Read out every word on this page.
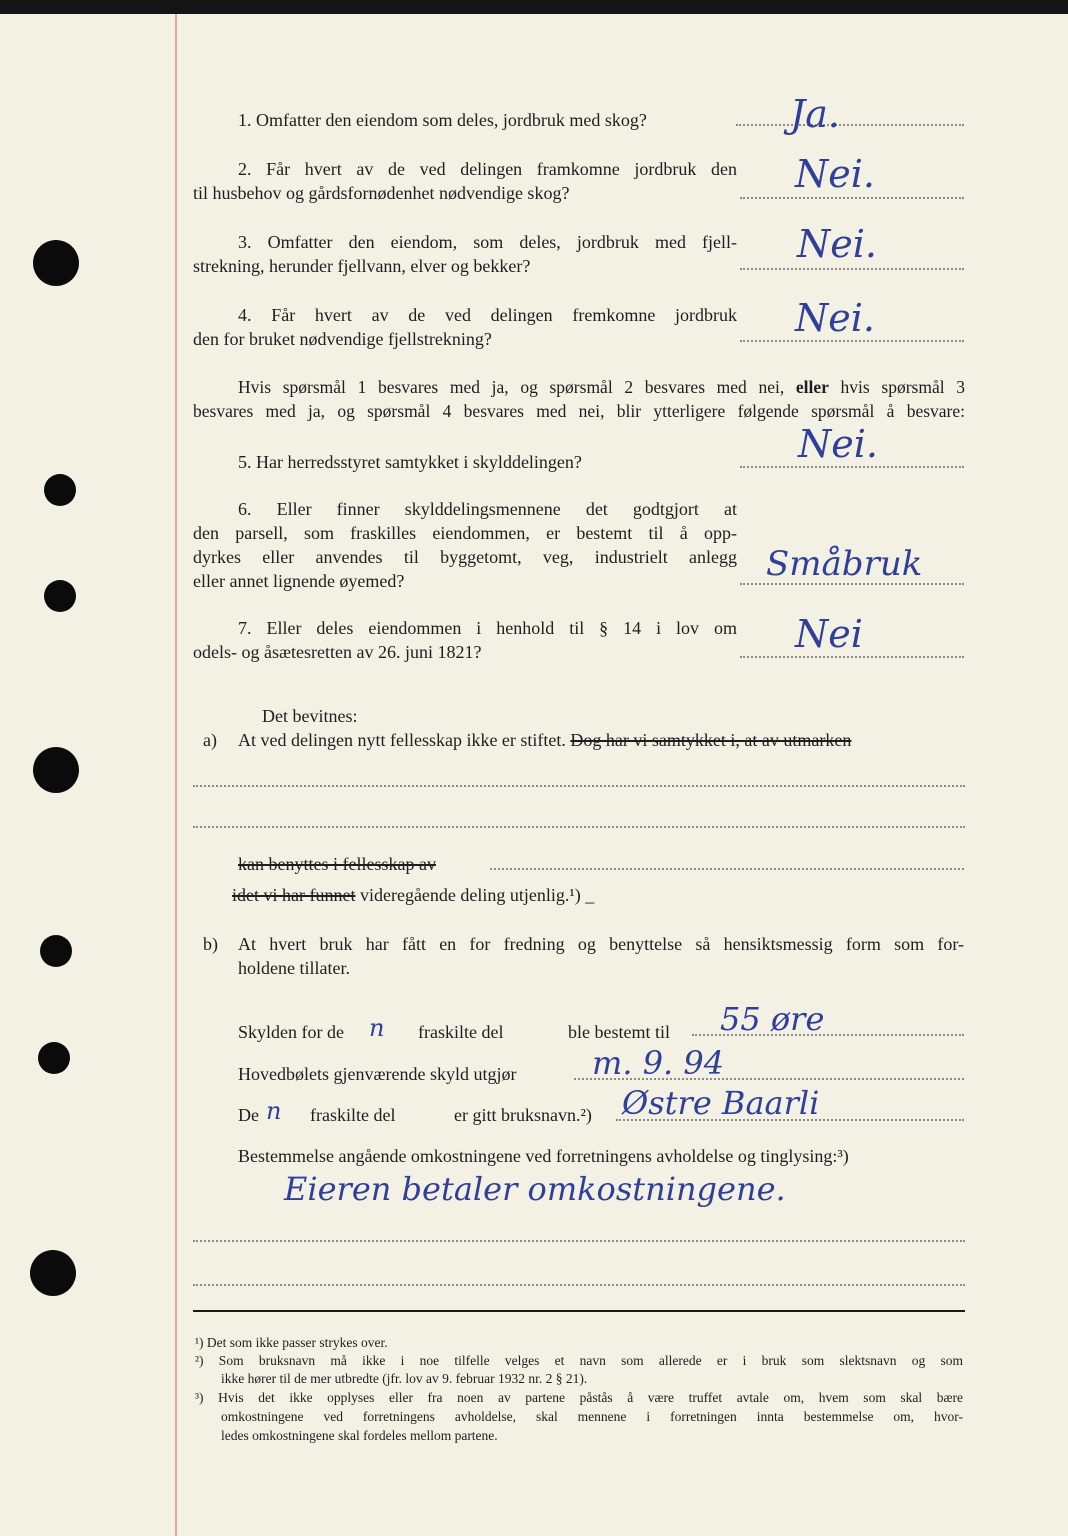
1. Omfatter den eiendom som deles, jordbruk med skog?	Ja.
2. Får hvert av de ved delingen framkomne jordbruk den
til husbehov og gårdsfornødenhet nødvendige skog?	Nei.
3. Omfatter den eiendom, som deles, jordbruk med fjell-
strekning, herunder fjellvann, elver og bekker?	Nei.
4. Får hvert av de ved delingen fremkomne jordbruk
den for bruket nødvendige fjellstrekning?	Nei.
Hvis spørsmål 1 besvares med ja, og spørsmål 2 besvares med nei, eller hvis spørsmål 3
besvares med ja, og spørsmål 4 besvares med nei, blir ytterligere følgende spørsmål å besvare:
5. Har herredsstyret samtykket i skylddelingen?	Nei.
6. Eller finner skylddelingsmennene det godtgjort at
den parsell, som fraskilles eiendommen, er bestemt til å opp-
dyrkes eller anvendes til byggetomt, veg, industrielt anlegg
eller annet lignende øyemed?	Småbruk
7. Eller deles eiendommen i henhold til § 14 i lov om
odels- og åsætesretten av 26. juni 1821?	Nei
Det bevitnes:
a) At ved delingen nytt fellesskap ikke er stiftet. Dog har vi samtykket i, at av utmarken
kan benyttes i fellesskap av
idet vi har funnet videregående deling utjenlig.¹) _
b) At hvert bruk har fått en for fredning og benyttelse så hensiktsmessig form som for-
holdene tillater.
Skylden for de n fraskilte del	ble bestemt til 55 øre
Hovedbølets gjenværende skyld utgjør m. 9. 94
De n fraskilte del	er gitt bruksnavn.²) Østre Baarli
Bestemmelse angående omkostningene ved forretningens avholdelse og tinglysing:³)
Eieren betaler omkostningene.
¹) Det som ikke passer strykes over.
²) Som bruksnavn må ikke i noe tilfelle velges et navn som allerede er i bruk som slektsnavn og som
ikke hører til de mer utbredte (jfr. lov av 9. februar 1932 nr. 2 § 21).
³) Hvis det ikke opplyses eller fra noen av partene påstås å være truffet avtale om, hvem som skal bære
omkostningene ved forretningens avholdelse, skal mennene i forretningen innta bestemmelse om, hvor-
ledes omkostningene skal fordeles mellom partene.
